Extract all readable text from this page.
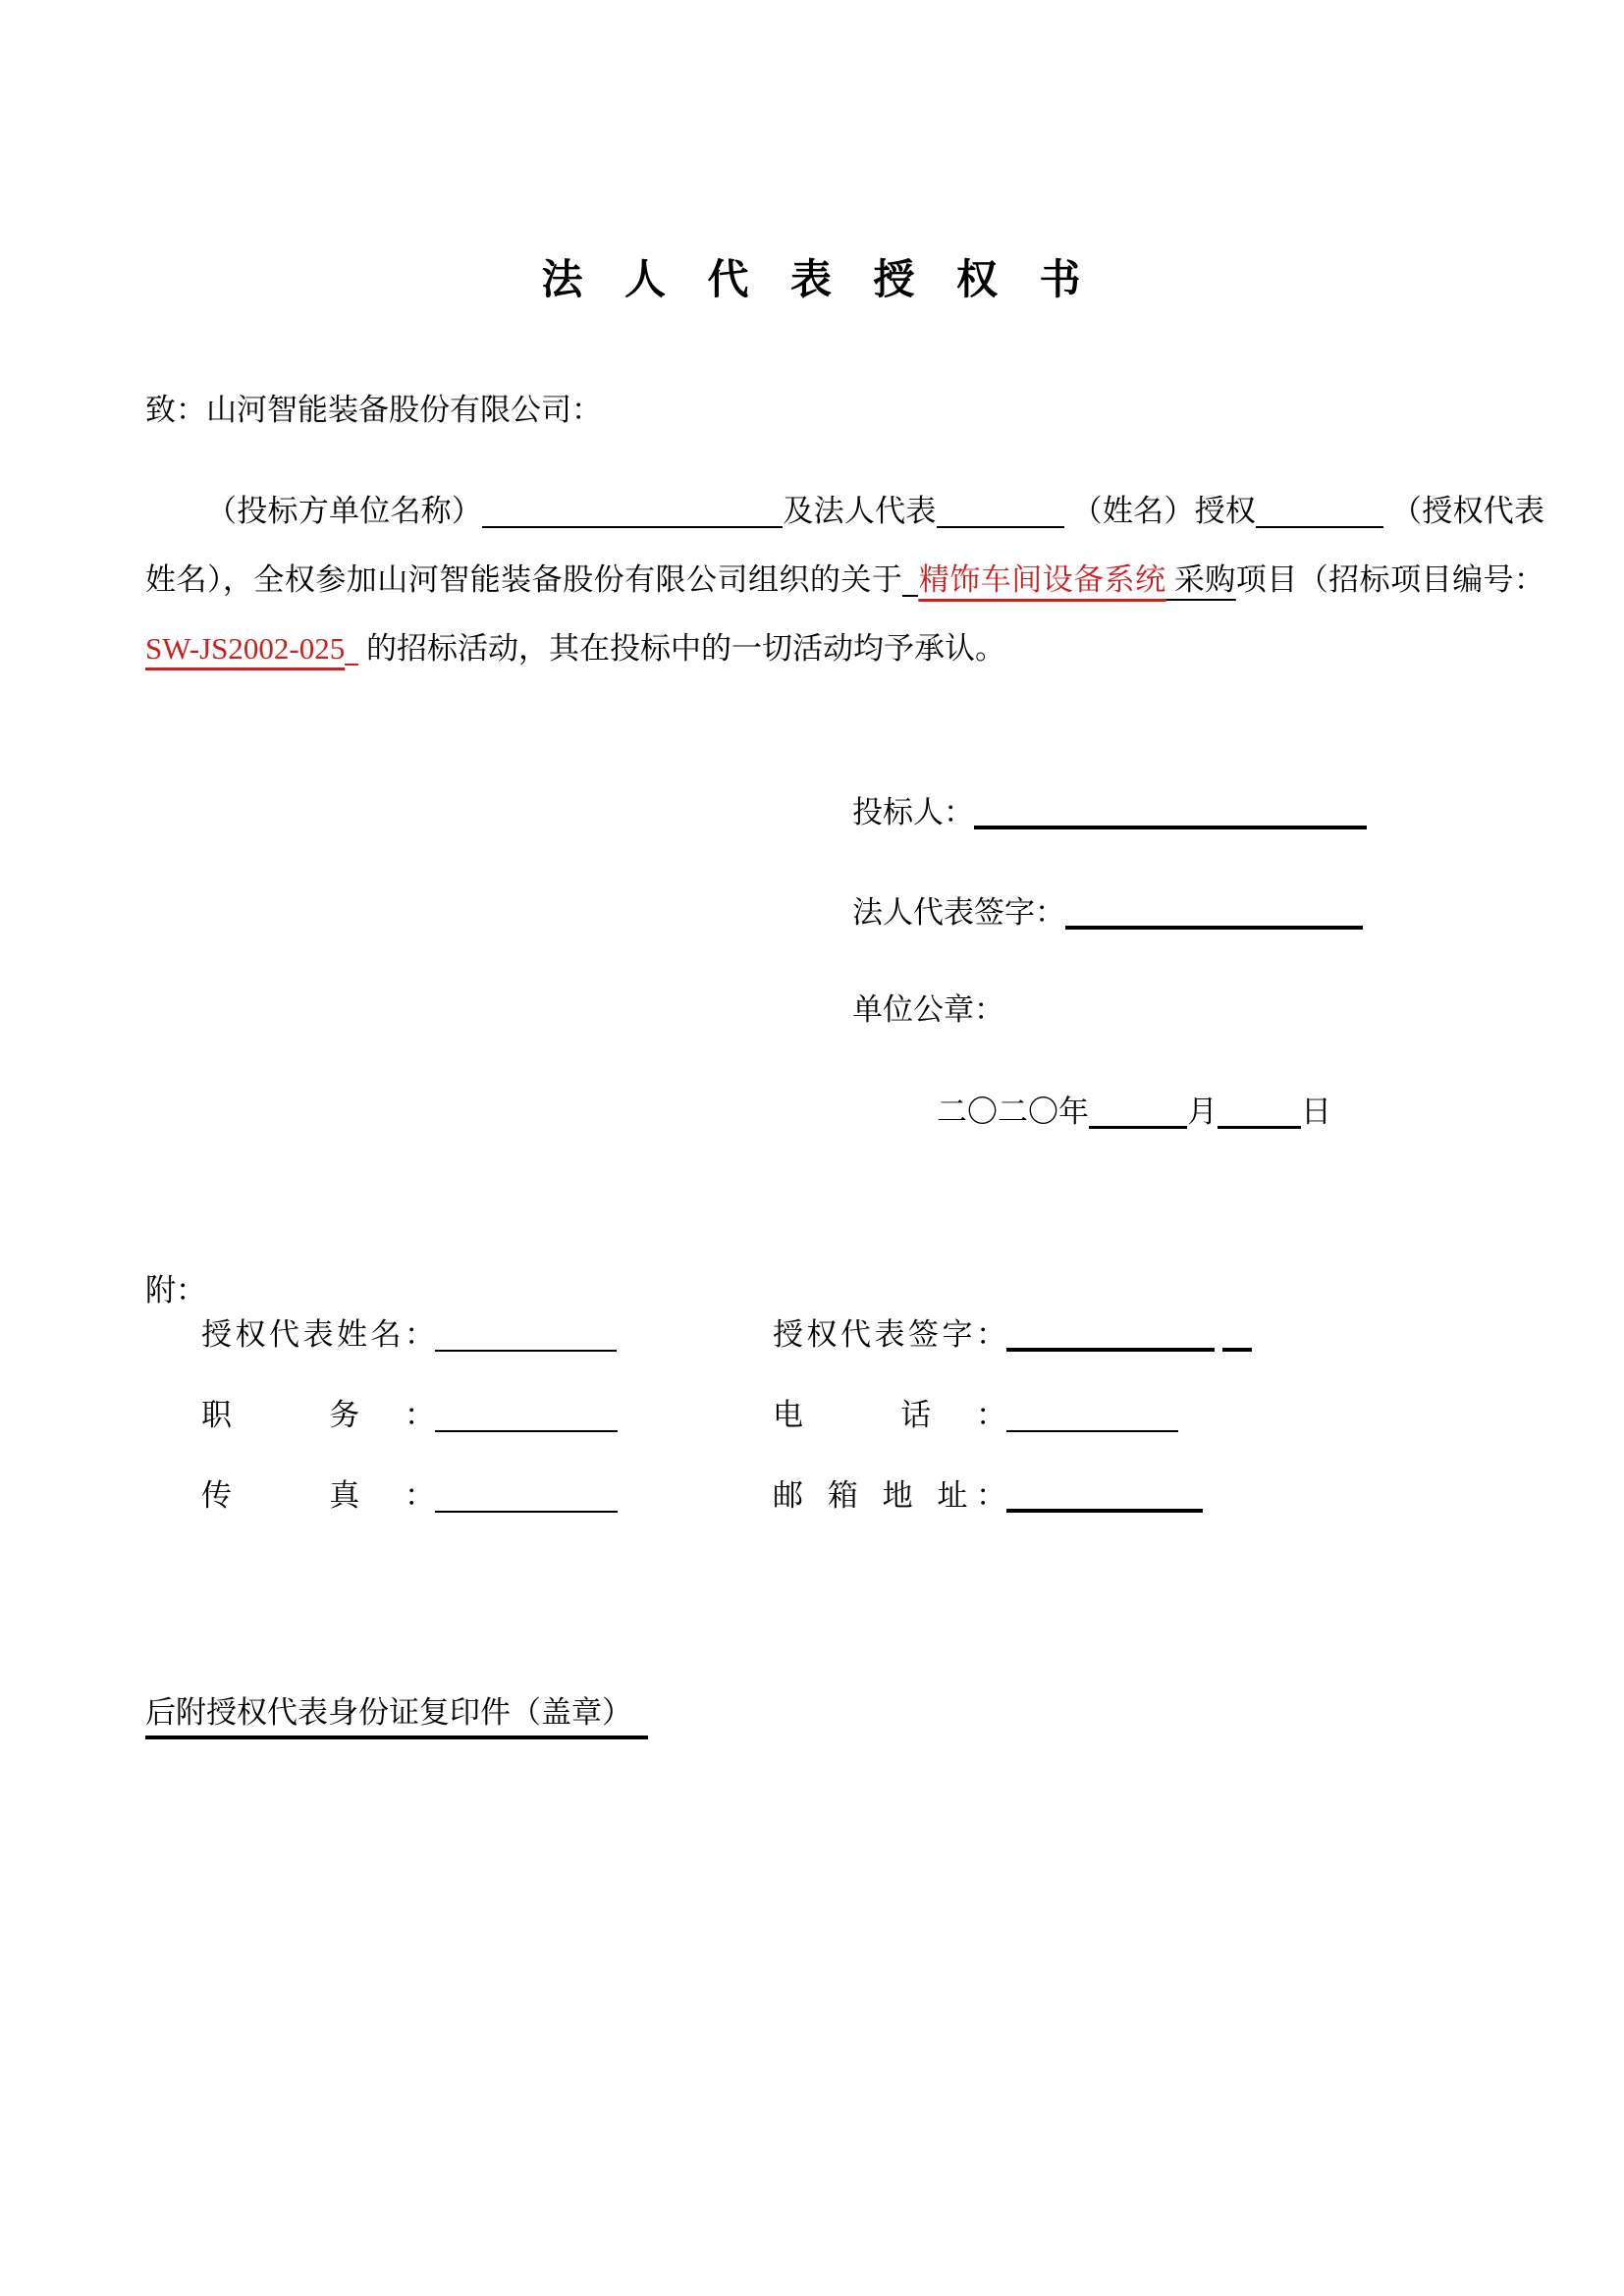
法 人 代 表 授 权 书
致：山河智能装备股份有限公司：
（投标方单位名称）	及法人代表	（姓名）授权	（授权代表姓名），全权参加山河智能装备股份有限公司组织的关于 精饰车间设备系统 采购项目（招标项目编号：SW-JS2002-025 的招标活动，其在投标中的一切活动均予承认。
投标人：
法人代表签字：
单位公章：
二〇二〇年	月	日
附：
授权代表姓名：	授权代表签字：
职 务：	电 话：
传 真：	邮 箱 地 址：
后附授权代表身份证复印件（盖章）
